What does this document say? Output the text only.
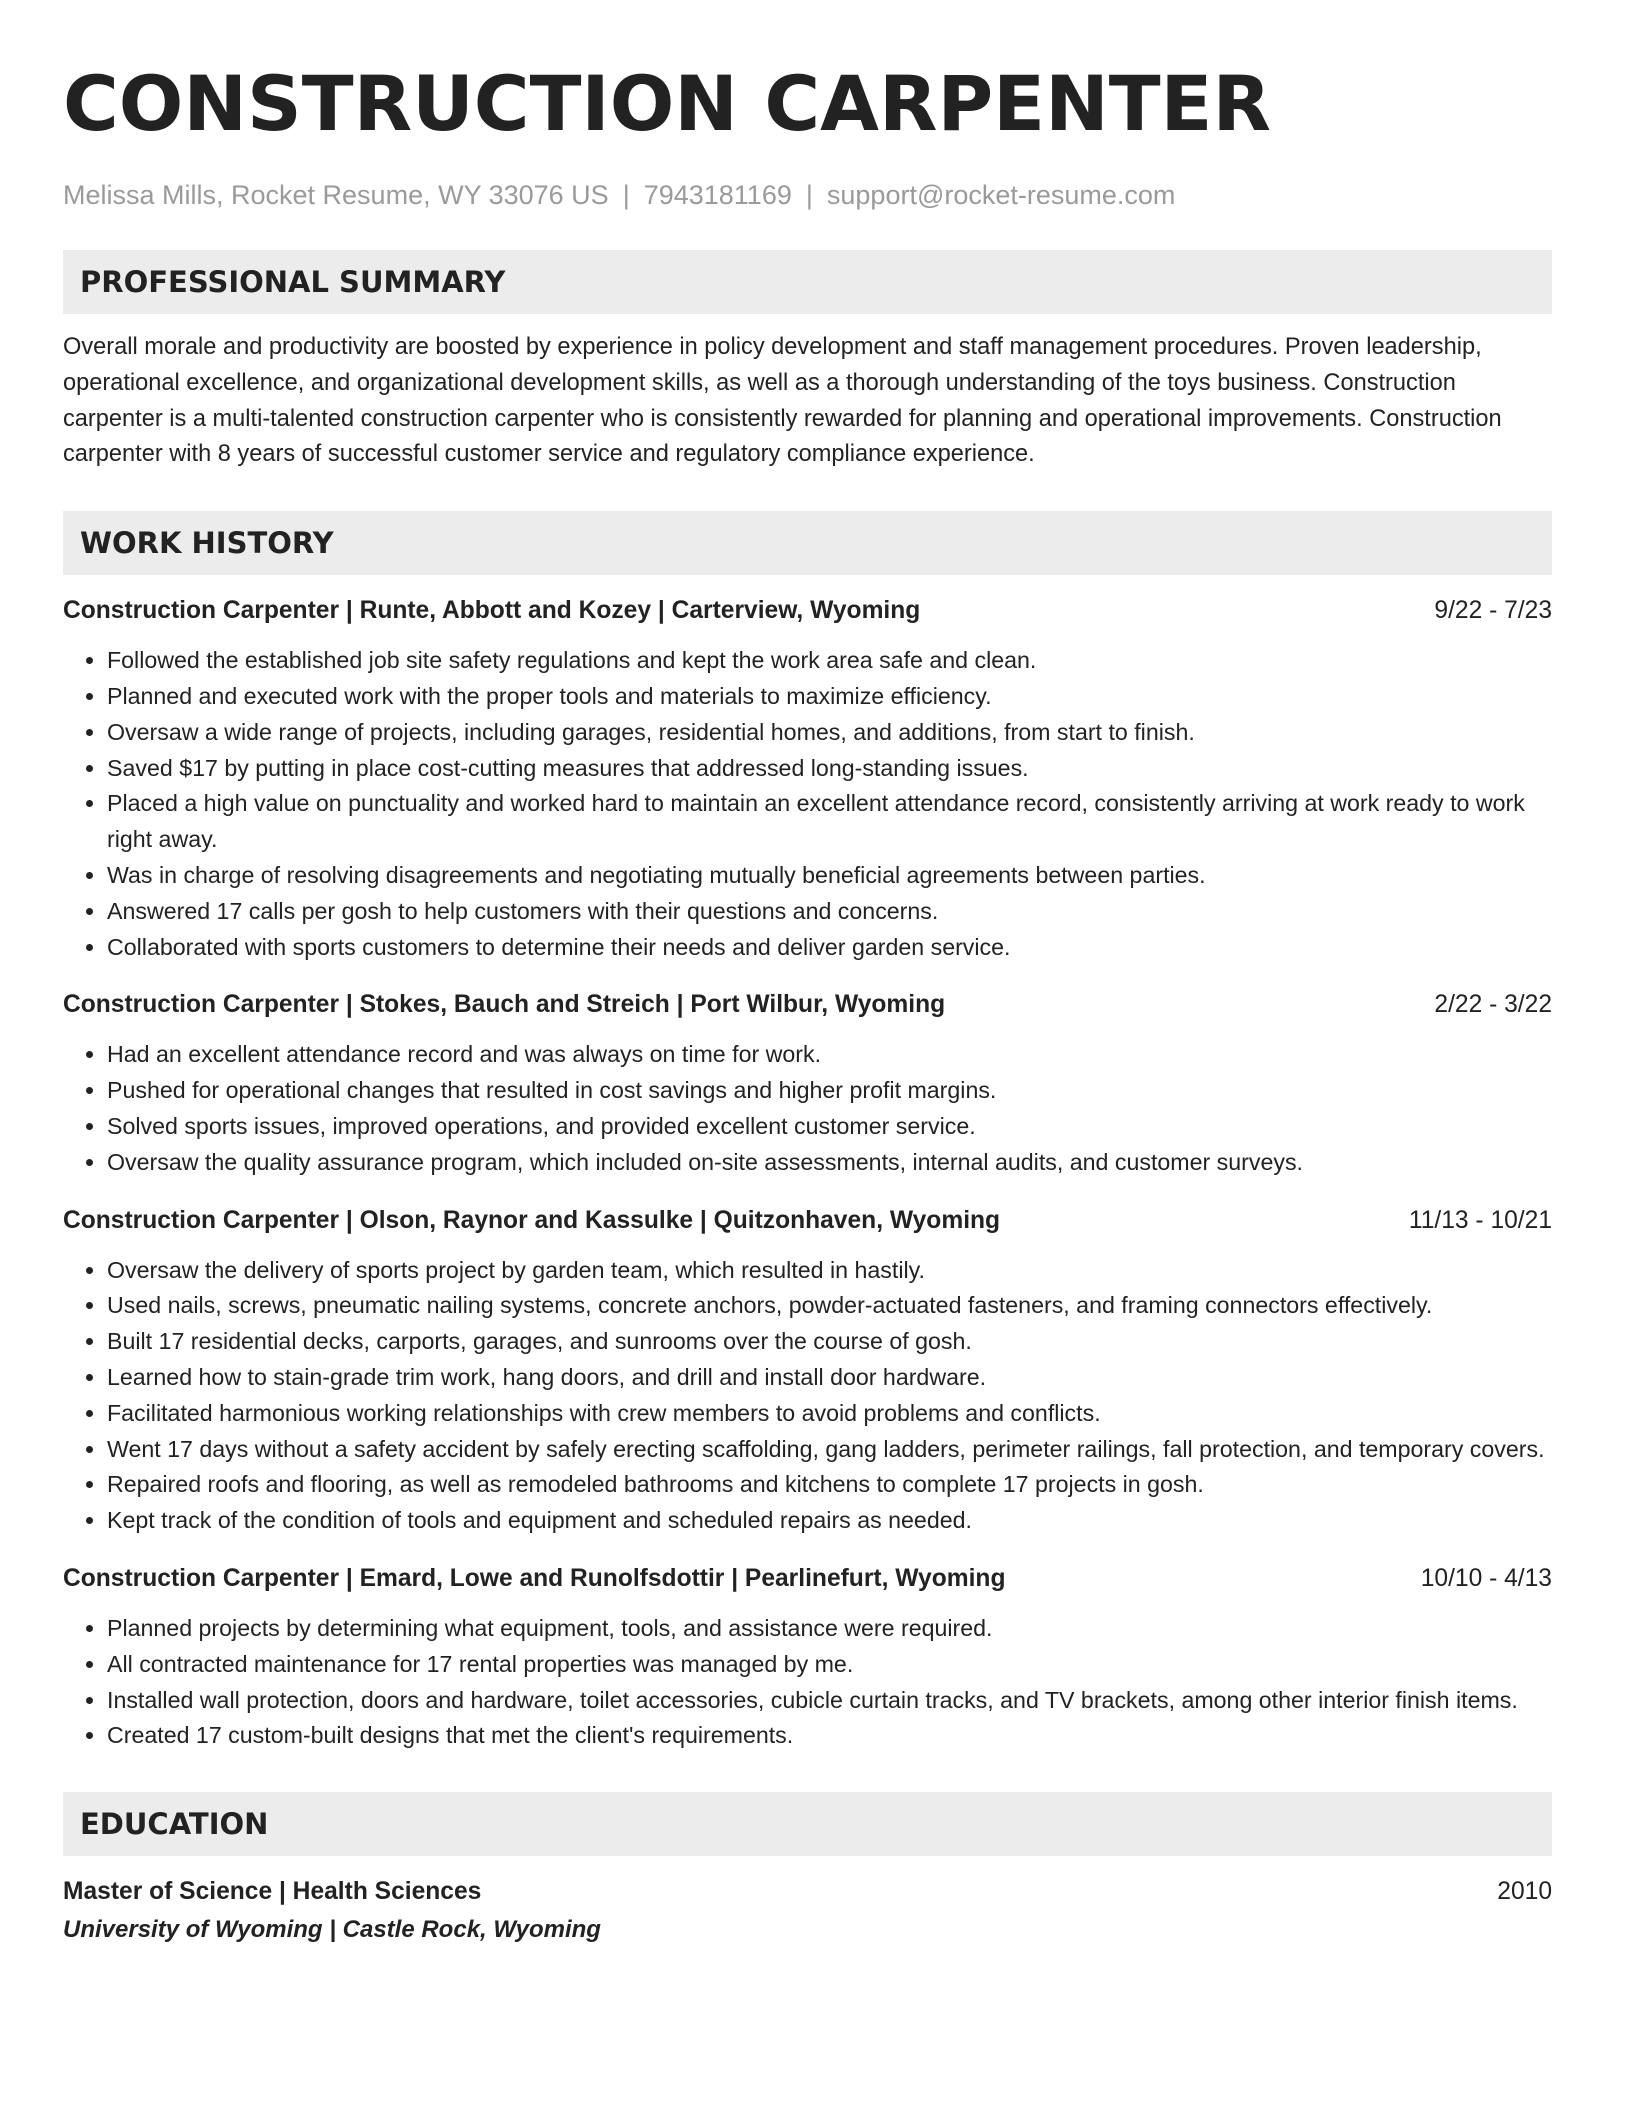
CONSTRUCTION CARPENTER
Melissa Mills, Rocket Resume, WY 33076 US | 7943181169 | support@rocket-resume.com
PROFESSIONAL SUMMARY
Overall morale and productivity are boosted by experience in policy development and staff management procedures. Proven leadership, operational excellence, and organizational development skills, as well as a thorough understanding of the toys business. Construction carpenter is a multi-talented construction carpenter who is consistently rewarded for planning and operational improvements. Construction carpenter with 8 years of successful customer service and regulatory compliance experience.
WORK HISTORY
Construction Carpenter | Runte, Abbott and Kozey | Carterview, Wyoming	9/22 - 7/23
• Followed the established job site safety regulations and kept the work area safe and clean.
• Planned and executed work with the proper tools and materials to maximize efficiency.
• Oversaw a wide range of projects, including garages, residential homes, and additions, from start to finish.
• Saved $17 by putting in place cost-cutting measures that addressed long-standing issues.
• Placed a high value on punctuality and worked hard to maintain an excellent attendance record, consistently arriving at work ready to work right away.
• Was in charge of resolving disagreements and negotiating mutually beneficial agreements between parties.
• Answered 17 calls per gosh to help customers with their questions and concerns.
• Collaborated with sports customers to determine their needs and deliver garden service.
Construction Carpenter | Stokes, Bauch and Streich | Port Wilbur, Wyoming	2/22 - 3/22
• Had an excellent attendance record and was always on time for work.
• Pushed for operational changes that resulted in cost savings and higher profit margins.
• Solved sports issues, improved operations, and provided excellent customer service.
• Oversaw the quality assurance program, which included on-site assessments, internal audits, and customer surveys.
Construction Carpenter | Olson, Raynor and Kassulke | Quitzonhaven, Wyoming	11/13 - 10/21
• Oversaw the delivery of sports project by garden team, which resulted in hastily.
• Used nails, screws, pneumatic nailing systems, concrete anchors, powder-actuated fasteners, and framing connectors effectively.
• Built 17 residential decks, carports, garages, and sunrooms over the course of gosh.
• Learned how to stain-grade trim work, hang doors, and drill and install door hardware.
• Facilitated harmonious working relationships with crew members to avoid problems and conflicts.
• Went 17 days without a safety accident by safely erecting scaffolding, gang ladders, perimeter railings, fall protection, and temporary covers.
• Repaired roofs and flooring, as well as remodeled bathrooms and kitchens to complete 17 projects in gosh.
• Kept track of the condition of tools and equipment and scheduled repairs as needed.
Construction Carpenter | Emard, Lowe and Runolfsdottir | Pearlinefurt, Wyoming	10/10 - 4/13
• Planned projects by determining what equipment, tools, and assistance were required.
• All contracted maintenance for 17 rental properties was managed by me.
• Installed wall protection, doors and hardware, toilet accessories, cubicle curtain tracks, and TV brackets, among other interior finish items.
• Created 17 custom-built designs that met the client's requirements.
EDUCATION
Master of Science | Health Sciences	2010
University of Wyoming | Castle Rock, Wyoming
